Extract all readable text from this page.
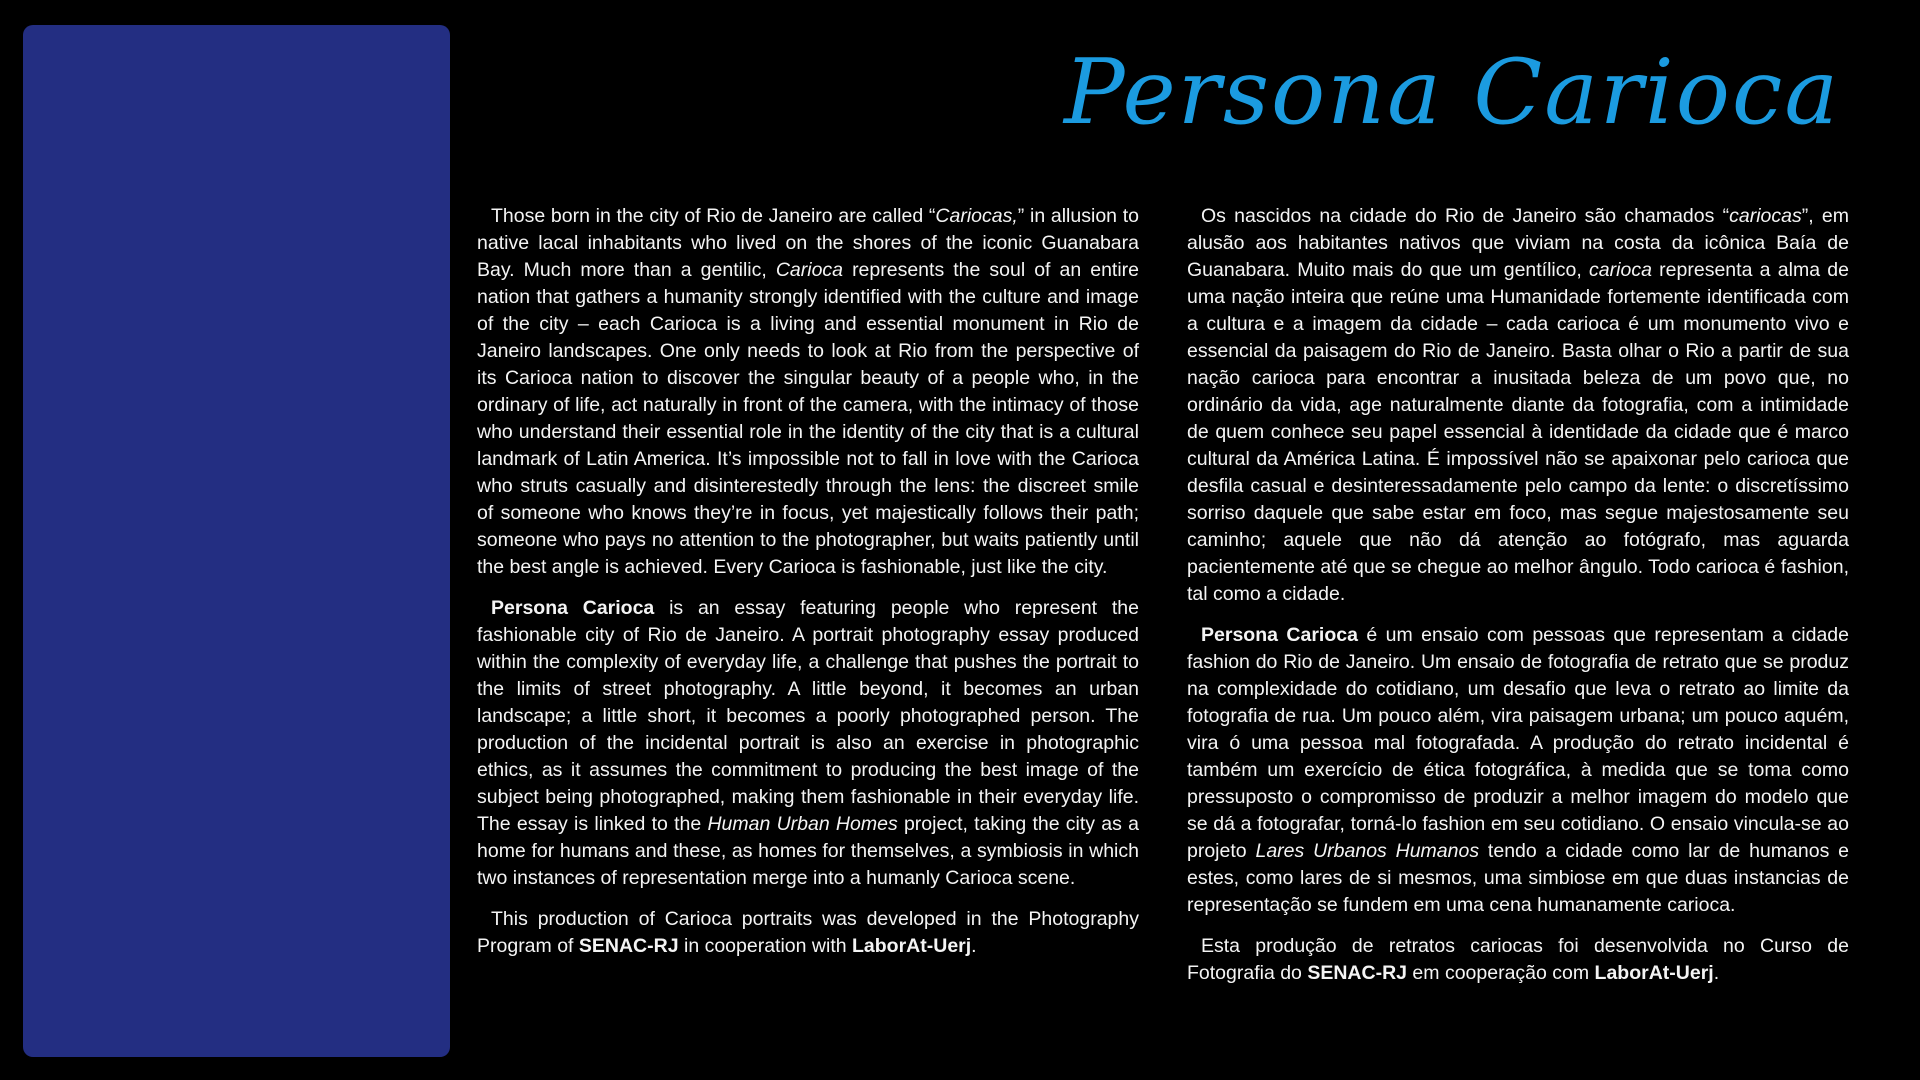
Persona Carioca

Those born in the city of Rio de Janeiro are called “Cariocas,” in allusion to native lacal inhabitants who lived on the shores of the iconic Guanabara Bay. Much more than a gentilic, Carioca represents the soul of an entire nation that gathers a humanity strongly identified with the culture and image of the city – each Carioca is a living and essential monument in Rio de Janeiro landscapes. One only needs to look at Rio from the perspective of its Carioca nation to discover the singular beauty of a people who, in the ordinary of life, act naturally in front of the camera, with the intimacy of those who understand their essential role in the identity of the city that is a cultural landmark of Latin America. It’s impossible not to fall in love with the Carioca who struts casually and disinterestedly through the lens: the discreet smile of someone who knows they’re in focus, yet majestically follows their path; someone who pays no attention to the photographer, but waits patiently until the best angle is achieved. Every Carioca is fashionable, just like the city.

Persona Carioca is an essay featuring people who represent the fashionable city of Rio de Janeiro. A portrait photography essay produced within the complexity of everyday life, a challenge that pushes the portrait to the limits of street photography. A little beyond, it becomes an urban landscape; a little short, it becomes a poorly photographed person. The production of the incidental portrait is also an exercise in photographic ethics, as it assumes the commitment to producing the best image of the subject being photographed, making them fashionable in their everyday life. The essay is linked to the Human Urban Homes project, taking the city as a home for humans and these, as homes for themselves, a symbiosis in which two instances of representation merge into a humanly Carioca scene.

This production of Carioca portraits was developed in the Photography Program of SENAC-RJ in cooperation with LaborAt-Uerj.

Os nascidos na cidade do Rio de Janeiro são chamados “cariocas”, em alusão aos habitantes nativos que viviam na costa da icônica Baía de Guanabara. Muito mais do que um gentílico, carioca representa a alma de uma nação inteira que reúne uma Humanidade fortemente identificada com a cultura e a imagem da cidade – cada carioca é um monumento vivo e essencial da paisagem do Rio de Janeiro. Basta olhar o Rio a partir de sua nação carioca para encontrar a inusitada beleza de um povo que, no ordinário da vida, age naturalmente diante da fotografia, com a intimidade de quem conhece seu papel essencial à identidade da cidade que é marco cultural da América Latina. É impossível não se apaixonar pelo carioca que desfila casual e desinteressadamente pelo campo da lente: o discretíssimo sorriso daquele que sabe estar em foco, mas segue majestosamente seu caminho; aquele que não dá atenção ao fotógrafo, mas aguarda pacientemente até que se chegue ao melhor ângulo. Todo carioca é fashion, tal como a cidade.

Persona Carioca é um ensaio com pessoas que representam a cidade fashion do Rio de Janeiro. Um ensaio de fotografia de retrato que se produz na complexidade do cotidiano, um desafio que leva o retrato ao limite da fotografia de rua. Um pouco além, vira paisagem urbana; um pouco aquém, vira ó uma pessoa mal fotografada. A produção do retrato incidental é também um exercício de ética fotográfica, à medida que se toma como pressuposto o compromisso de produzir a melhor imagem do modelo que se dá a fotografar, torná-lo fashion em seu cotidiano. O ensaio vincula-se ao projeto Lares Urbanos Humanos tendo a cidade como lar de humanos e estes, como lares de si mesmos, uma simbiose em que duas instancias de representação se fundem em uma cena humanamente carioca.

Esta produção de retratos cariocas foi desenvolvida no Curso de Fotografia do SENAC-RJ em cooperação com LaborAt-Uerj.
